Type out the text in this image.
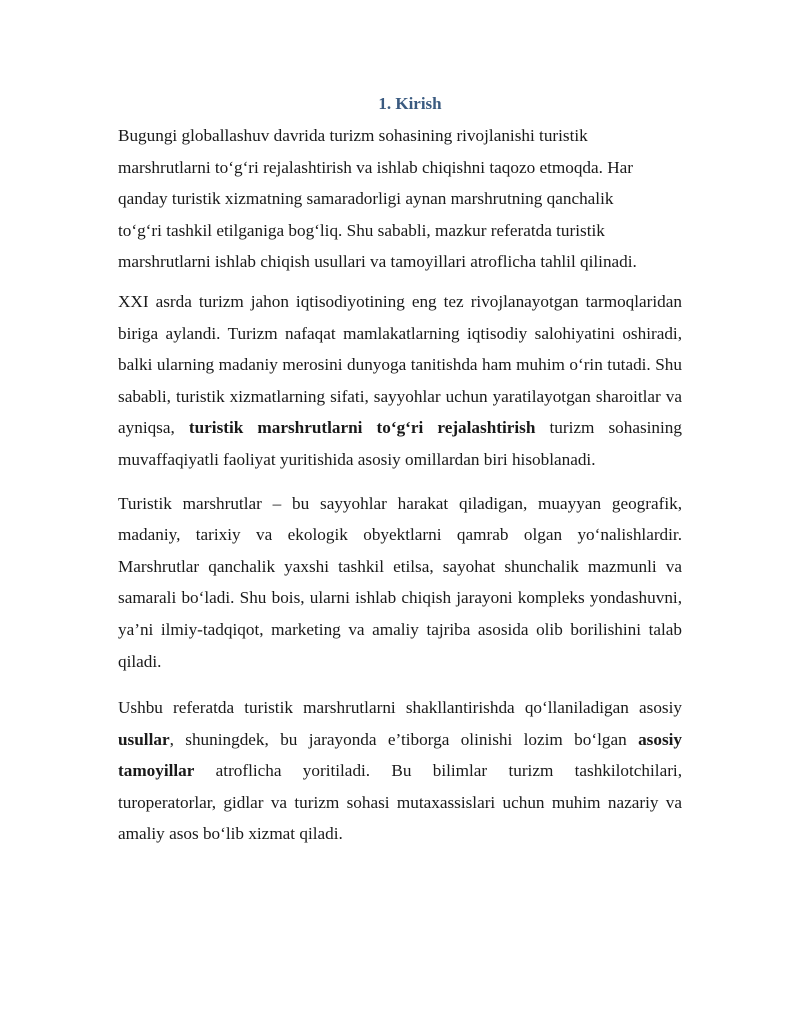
1. Kirish

Bugungi globallashuv davrida turizm sohasining rivojlanishi turistik
marshrutlarni to‘g‘ri rejalashtirish va ishlab chiqishni taqozo etmoqda. Har
qanday turistik xizmatning samaradorligi aynan marshrutning qanchalik
to‘g‘ri tashkil etilganiga bog‘liq. Shu sababli, mazkur referatda turistik
marshrutlarni ishlab chiqish usullari va tamoyillari atroflicha tahlil qilinadi.

XXI asrda turizm jahon iqtisodiyotining eng tez rivojlanayotgan tarmoqlaridan biriga aylandi. Turizm nafaqat mamlakatlarning iqtisodiy salohiyatini oshiradi, balki ularning madaniy merosini dunyoga tanitishda ham muhim o‘rin tutadi. Shu sababli, turistik xizmatlarning sifati, sayyohlar uchun yaratilayotgan sharoitlar va ayniqsa, turistik marshrutlarni to‘g‘ri rejalashtirish turizm sohasining muvaffaqiyatli faoliyat yuritishida asosiy omillardan biri hisoblanadi.

Turistik marshrutlar – bu sayyohlar harakat qiladigan, muayyan geografik, madaniy, tarixiy va ekologik obyektlarni qamrab olgan yo‘nalishlardir. Marshrutlar qanchalik yaxshi tashkil etilsa, sayohat shunchalik mazmunli va samarali bo‘ladi. Shu bois, ularni ishlab chiqish jarayoni kompleks yondashuvni, ya’ni ilmiy-tadqiqot, marketing va amaliy tajriba asosida olib borilishini talab qiladi.

Ushbu referatda turistik marshrutlarni shakllantirishda qo‘llaniladigan asosiy usullar, shuningdek, bu jarayonda e’tiborga olinishi lozim bo‘lgan asosiy tamoyillar atroflicha yoritiladi. Bu bilimlar turizm tashkilotchilari, turoperatorlar, gidlar va turizm sohasi mutaxassislari uchun muhim nazariy va amaliy asos bo‘lib xizmat qiladi.
